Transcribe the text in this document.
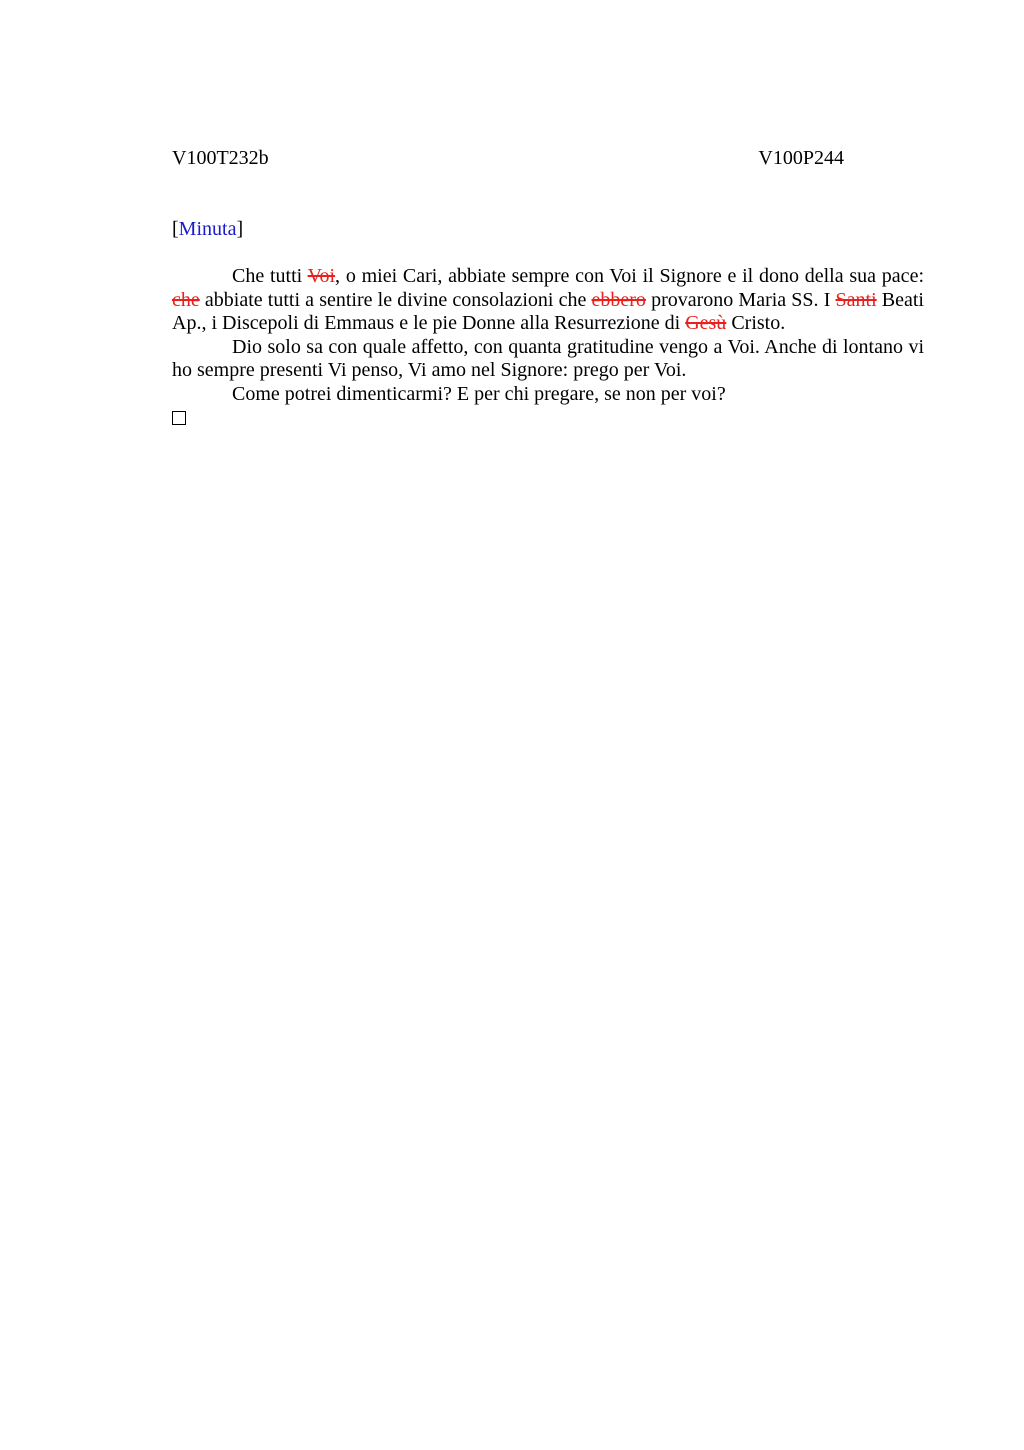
V100T232b	V100P244
[Minuta]

Che tutti Voi, o miei Cari, abbiate sempre con Voi il Signore e il dono della sua pace: che abbiate tutti a sentire le divine consolazioni che ebbero provarono Maria SS. I Santi Beati Ap., i Discepoli di Emmaus e le pie Donne alla Resurrezione di Gesù Cristo.

Dio solo sa con quale affetto, con quanta gratitudine vengo a Voi. Anche di lontano vi ho sempre presenti Vi penso, Vi amo nel Signore: prego per Voi.

Come potrei dimenticarmi? E per chi pregare, se non per voi?
